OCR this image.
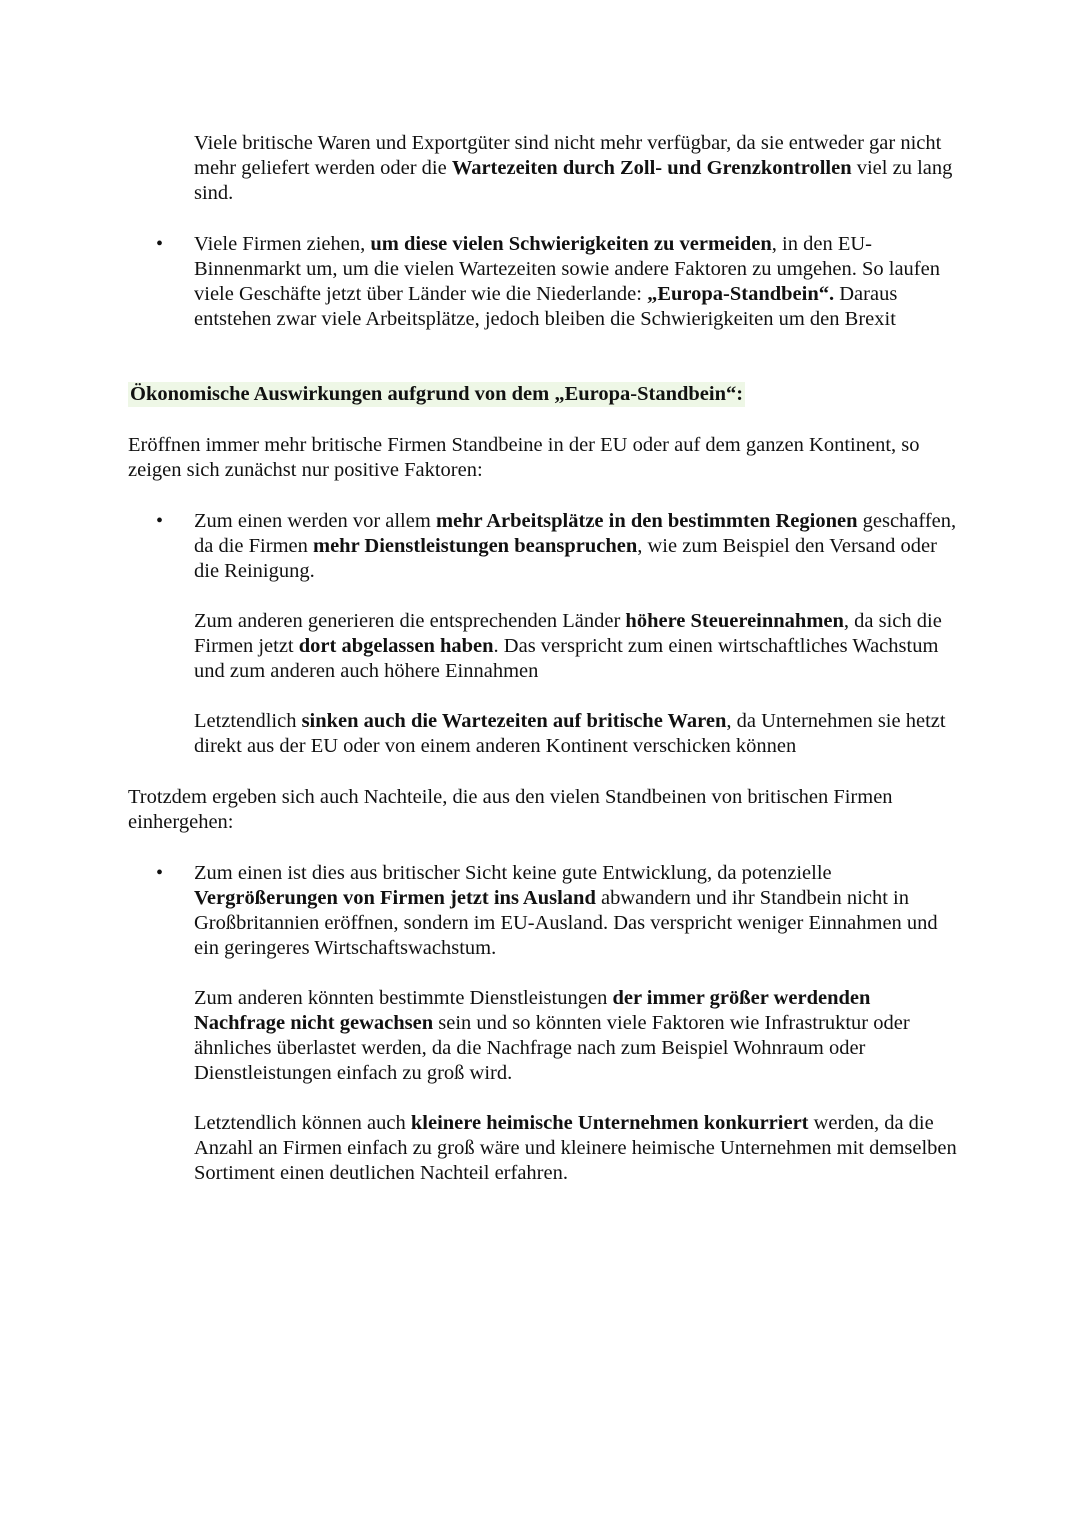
Viele britische Waren und Exportgüter sind nicht mehr verfügbar, da sie entweder gar nicht mehr geliefert werden oder die Wartezeiten durch Zoll- und Grenzkontrollen viel zu lang sind.

• Viele Firmen ziehen, um diese vielen Schwierigkeiten zu vermeiden, in den EU-Binnenmarkt um, um die vielen Wartezeiten sowie andere Faktoren zu umgehen. So laufen viele Geschäfte jetzt über Länder wie die Niederlande: „Europa-Standbein“. Daraus entstehen zwar viele Arbeitsplätze, jedoch bleiben die Schwierigkeiten um den Brexit

Ökonomische Auswirkungen aufgrund von dem „Europa-Standbein“:

Eröffnen immer mehr britische Firmen Standbeine in der EU oder auf dem ganzen Kontinent, so zeigen sich zunächst nur positive Faktoren:

• Zum einen werden vor allem mehr Arbeitsplätze in den bestimmten Regionen geschaffen, da die Firmen mehr Dienstleistungen beanspruchen, wie zum Beispiel den Versand oder die Reinigung.

Zum anderen generieren die entsprechenden Länder höhere Steuereinnahmen, da sich die Firmen jetzt dort abgelassen haben. Das verspricht zum einen wirtschaftliches Wachstum und zum anderen auch höhere Einnahmen

Letztendlich sinken auch die Wartezeiten auf britische Waren, da Unternehmen sie hetzt direkt aus der EU oder von einem anderen Kontinent verschicken können

Trotzdem ergeben sich auch Nachteile, die aus den vielen Standbeinen von britischen Firmen einhergehen:

• Zum einen ist dies aus britischer Sicht keine gute Entwicklung, da potenzielle Vergrößerungen von Firmen jetzt ins Ausland abwandern und ihr Standbein nicht in Großbritannien eröffnen, sondern im EU-Ausland. Das verspricht weniger Einnahmen und ein geringeres Wirtschaftswachstum.

Zum anderen könnten bestimmte Dienstleistungen der immer größer werdenden Nachfrage nicht gewachsen sein und so könnten viele Faktoren wie Infrastruktur oder ähnliches überlastet werden, da die Nachfrage nach zum Beispiel Wohnraum oder Dienstleistungen einfach zu groß wird.

Letztendlich können auch kleinere heimische Unternehmen konkurriert werden, da die Anzahl an Firmen einfach zu groß wäre und kleinere heimische Unternehmen mit demselben Sortiment einen deutlichen Nachteil erfahren.
